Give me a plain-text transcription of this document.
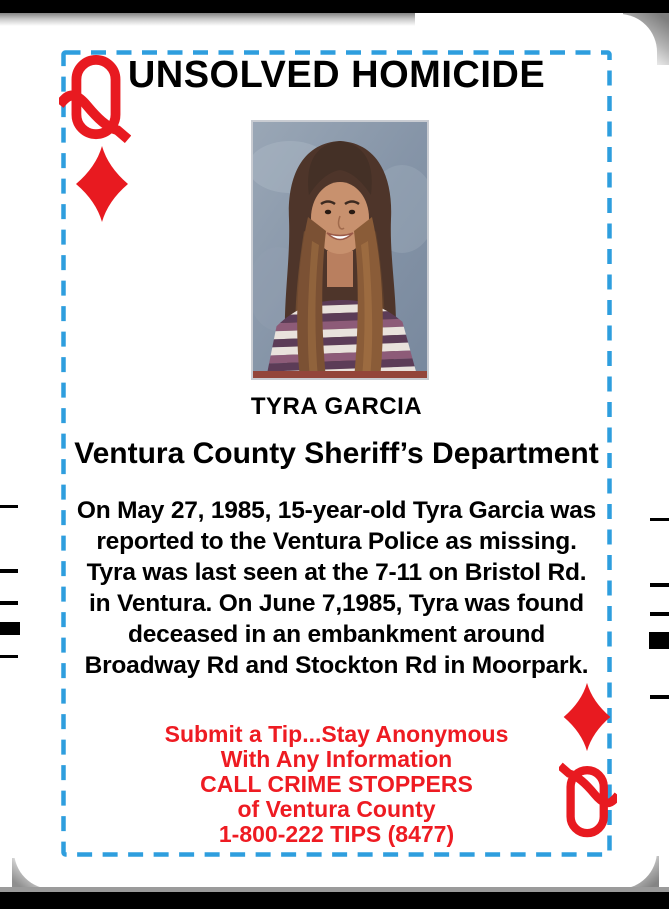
UNSOLVED HOMICIDE
TYRA GARCIA
Ventura County Sheriff’s Department
On May 27, 1985, 15-year-old Tyra Garcia was
reported to the Ventura Police as missing.
Tyra was last seen at the 7-11 on Bristol Rd.
in Ventura. On June 7,1985, Tyra was found
deceased in an embankment around
Broadway Rd and Stockton Rd in Moorpark.
Submit a Tip...Stay Anonymous
With Any Information
CALL CRIME STOPPERS
of Ventura County
1-800-222 TIPS (8477)
